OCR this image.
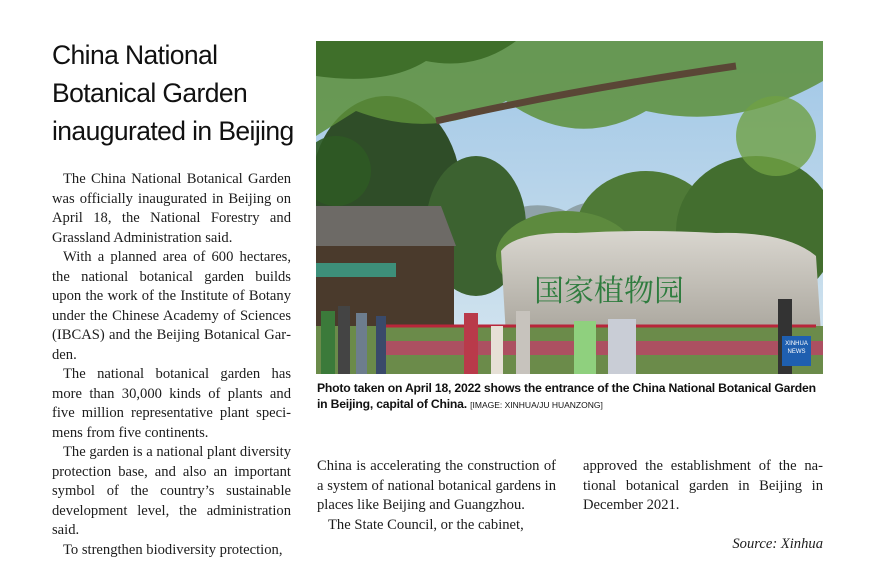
China National
Botanical Garden
inaugurated in Beijing

The China National Botanical Garden was officially inaugurated in Beijing on April 18, the National Forestry and Grassland Administration said.

With a planned area of 600 hectares, the national botanical garden builds upon the work of the Institute of Botany under the Chinese Academy of Sciences (IBCAS) and the Beijing Botanical Garden.

The national botanical garden has more than 30,000 kinds of plants and five million representative plant specimens from five continents.

The garden is a national plant diversity protection base, and also an important symbol of the country’s sustainable development level, the administration said.

To strengthen biodiversity protection,

国家植物园
XINHUA NEWS
Photo taken on April 18, 2022 shows the entrance of the China National Botanical Garden in Beijing, capital of China. [IMAGE: XINHUA/JU HUANZONG]

China is accelerating the construction of a system of national botanical gardens in places like Beijing and Guangzhou.

The State Council, or the cabinet,

approved the establishment of the national botanical garden in Beijing in December 2021.

Source: Xinhua
